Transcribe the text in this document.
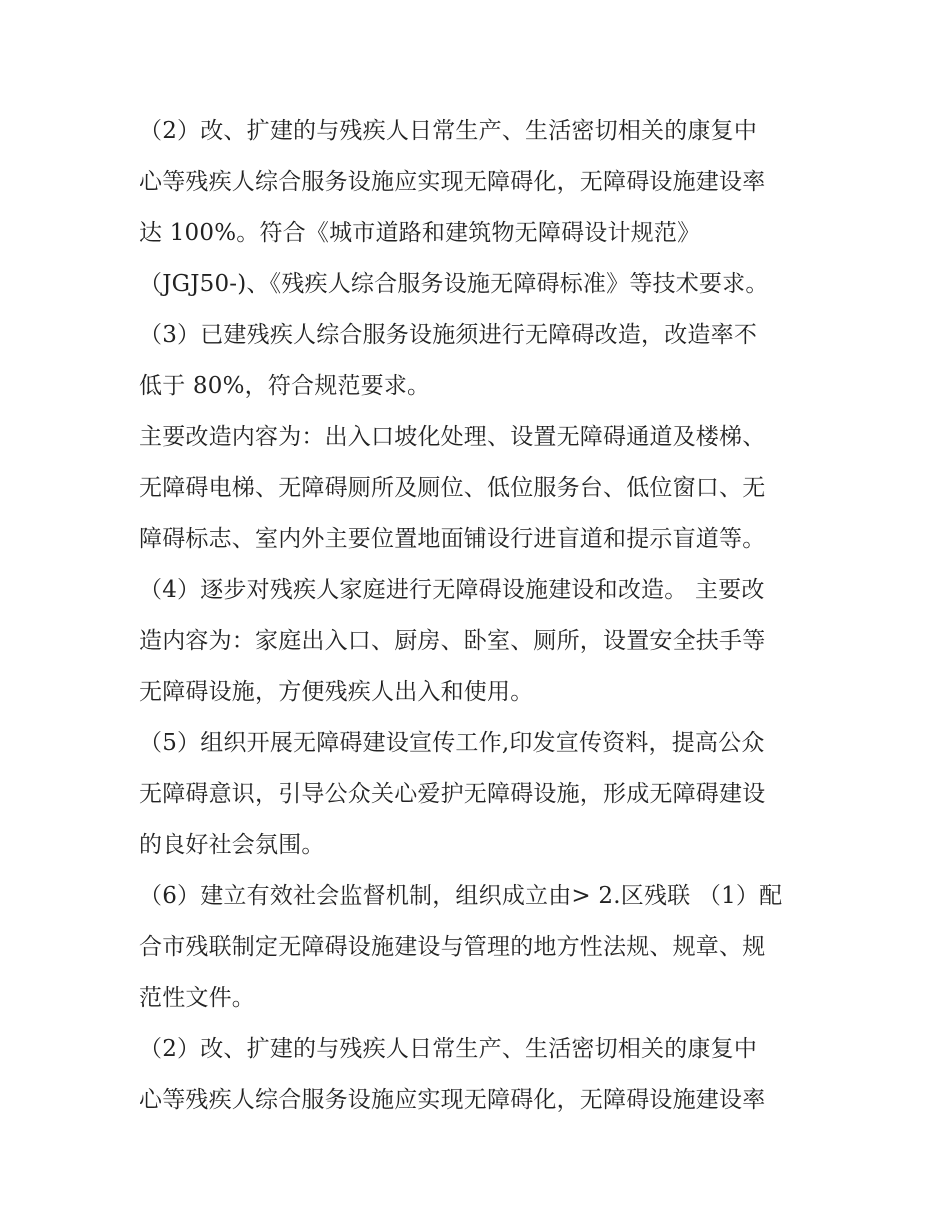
（2）改、扩建的与残疾人日常生产、生活密切相关的康复中
心等残疾人综合服务设施应实现无障碍化，无障碍设施建设率
达 100%。符合《城市道路和建筑物无障碍设计规范》
（JGJ50-)、《残疾人综合服务设施无障碍标准》等技术要求。

（3）已建残疾人综合服务设施须进行无障碍改造，改造率不
低于 80%，符合规范要求。

主要改造内容为：出入口坡化处理、设置无障碍通道及楼梯、
无障碍电梯、无障碍厕所及厕位、低位服务台、低位窗口、无
障碍标志、室内外主要位置地面铺设行进盲道和提示盲道等。

（4）逐步对残疾人家庭进行无障碍设施建设和改造。 主要改
造内容为：家庭出入口、厨房、卧室、厕所，设置安全扶手等
无障碍设施，方便残疾人出入和使用。

（5）组织开展无障碍建设宣传工作,印发宣传资料，提高公众
无障碍意识，引导公众关心爱护无障碍设施，形成无障碍建设
的良好社会氛围。

（6）建立有效社会监督机制，组织成立由> 2.区残联 （1）配
合市残联制定无障碍设施建设与管理的地方性法规、规章、规
范性文件。

（2）改、扩建的与残疾人日常生产、生活密切相关的康复中
心等残疾人综合服务设施应实现无障碍化，无障碍设施建设率
